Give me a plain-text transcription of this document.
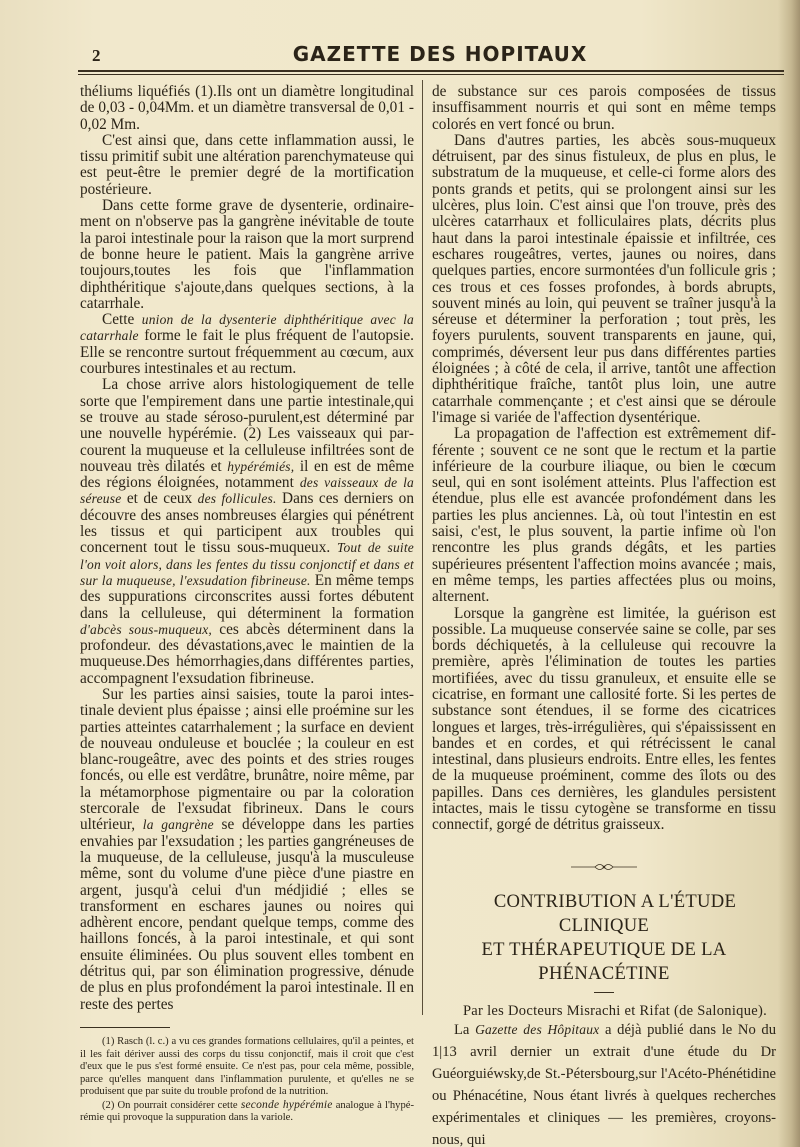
2	GAZETTE DES HOPITAUX

théliums liquéfiés (1).Ils ont un diamètre longitudinal de 0,03 - 0,04Mm. et un diamètre transversal de 0,01 - 0,02 Mm.

C'est ainsi que, dans cette inflammation aussi, le tissu primitif subit une altération parenchymateuse qui est peut-être le premier degré de la mortification postérieure.

Dans cette forme grave de dysenterie, ordinairement on n'observe pas la gangrène inévitable de toute la paroi intestinale pour la raison que la mort surprend de bonne heure le patient. Mais la gangrène arrive toujours,toutes les fois que l'inflammation diphthéritique s'ajoute,dans quelques sections, à la catarrhale.

Cette union de la dysenterie diphthéritique avec la catarrhale forme le fait le plus fréquent de l'autopsie. Elle se rencontre surtout fréquemment au cœcum, aux courbures intestinales et au rectum.

La chose arrive alors histologiquement de telle sorte que l'empirement dans une partie intestinale,qui se trouve au stade séroso-purulent,est déterminé par une nouvelle hypérémie. (2) Les vaisseaux qui parcourent la muqueuse et la celluleuse infiltrées sont de nouveau très dilatés et hypérémiés, il en est de même des régions éloignées, notamment des vaisseaux de la séreuse et de ceux des follicules. Dans ces derniers on découvre des anses nombreuses élargies qui pénétrent les tissus et qui participent aux troubles qui concernent tout le tissu sous-muqueux. Tout de suite l'on voit alors, dans les fentes du tissu conjonctif et dans et sur la muqueuse, l'exsudation fibrineuse. En même temps des suppurations circonscrites aussi fortes débutent dans la celluleuse, qui déterminent la formation d'abcès sous-muqueux, ces abcès déterminent dans la profondeur. des dévastations,avec le maintien de la muqueuse.Des hémorrhagies,dans différentes parties, accompagnent l'exsudation fibrineuse.

Sur les parties ainsi saisies, toute la paroi intestinale devient plus épaisse ; ainsi elle proémine sur les parties atteintes catarrhalement ; la surface en devient de nouveau onduleuse et bouclée ; la couleur en est blanc-rougeâtre, avec des points et des stries rouges foncés, ou elle est verdâtre, brunâtre, noire même, par la métamorphose pigmentaire ou par la coloration stercorale de l'exsudat fibrineux. Dans le cours ultérieur, la gangrène se développe dans les parties envahies par l'exsudation ; les parties gangréneuses de la muqueuse, de la celluleuse, jusqu'à la musculeuse même, sont du volume d'une pièce d'une piastre en argent, jusqu'à celui d'un médjidié ; elles se transforment en eschares jaunes ou noires qui adhèrent encore, pendant quelque temps, comme des haillons foncés, à la paroi intestinale, et qui sont ensuite éliminées. Ou plus souvent elles tombent en détritus qui, par son élimination progressive, dénude de plus en plus profondément la paroi intestinale. Il en reste des pertes

(1) Rasch (l. c.) a vu ces grandes formations cellulaires, qu'il a peintes, et il les fait dériver aussi des corps du tissu conjonctif, mais il croit que c'est d'eux que le pus s'est formé ensuite. Ce n'est pas, pour cela même, possible, parce qu'elles manquent dans l'inflammation purulente, et qu'elles ne se produisent que par suite du trouble profond de la nutrition.

(2) On pourrait considérer cette seconde hypérémie analogue à l'hypérémie qui provoque la suppuration dans la variole.

de substance sur ces parois composées de tissus insuffisamment nourris et qui sont en même temps colorés en vert foncé ou brun.

Dans d'autres parties, les abcès sous-muqueux détruisent, par des sinus fistuleux, de plus en plus, le substratum de la muqueuse, et celle-ci forme alors des ponts grands et petits, qui se prolongent ainsi sur les ulcères, plus loin. C'est ainsi que l'on trouve, près des ulcères catarrhaux et folliculaires plats, décrits plus haut dans la paroi intestinale épaissie et infiltrée, ces eschares rougeâtres, vertes, jaunes ou noires, dans quelques parties, encore surmontées d'un follicule gris ; ces trous et ces fosses profondes, à bords abrupts, souvent minés au loin, qui peuvent se traîner jusqu'à la séreuse et déterminer la perforation ; tout près, les foyers purulents, souvent transparents en jaune, qui, comprimés, déversent leur pus dans différentes parties éloignées ; à côté de cela, il arrive, tantôt une affection diphthéritique fraîche, tantôt plus loin, une autre catarrhale commençante ; et c'est ainsi que se déroule l'image si variée de l'affection dysentérique.

La propagation de l'affection est extrêmement différente ; souvent ce ne sont que le rectum et la partie inférieure de la courbure iliaque, ou bien le cœcum seul, qui en sont isolément atteints. Plus l'affection est étendue, plus elle est avancée profondément dans les parties les plus anciennes. Là, où tout l'intestin en est saisi, c'est, le plus souvent, la partie infime où l'on rencontre les plus grands dégâts, et les parties supérieures présentent l'affection moins avancée ; mais, en même temps, les parties affectées plus ou moins, alternent.

Lorsque la gangrène est limitée, la guérison est possible. La muqueuse conservée saine se colle, par ses bords déchiquetés, à la celluleuse qui recouvre la première, après l'élimination de toutes les parties mortifiées, avec du tissu granuleux, et ensuite elle se cicatrise, en formant une callosité forte. Si les pertes de substance sont étendues, il se forme des cicatrices longues et larges, très-irrégulières, qui s'épaississent en bandes et en cordes, et qui rétrécissent le canal intestinal, dans plusieurs endroits. Entre elles, les fentes de la muqueuse proéminent, comme des îlots ou des papilles. Dans ces dernières, les glandules persistent intactes, mais le tissu cytogène se transforme en tissu connectif, gorgé de détritus graisseux.

CONTRIBUTION A L'ÉTUDE CLINIQUE
ET THÉRAPEUTIQUE DE LA PHÉNACÉTINE

Par les Docteurs Misrachi et Rifat (de Salonique).

La Gazette des Hôpitaux a déjà publié dans le No du 1|13 avril dernier un extrait d'une étude du Dr Guéorguiéwsky,de St.-Pétersbourg,sur l'Acéto-Phénétidine ou Phénacétine, Nous étant livrés à quelques recherches expérimentales et cliniques — les premières, croyons-nous, qui
